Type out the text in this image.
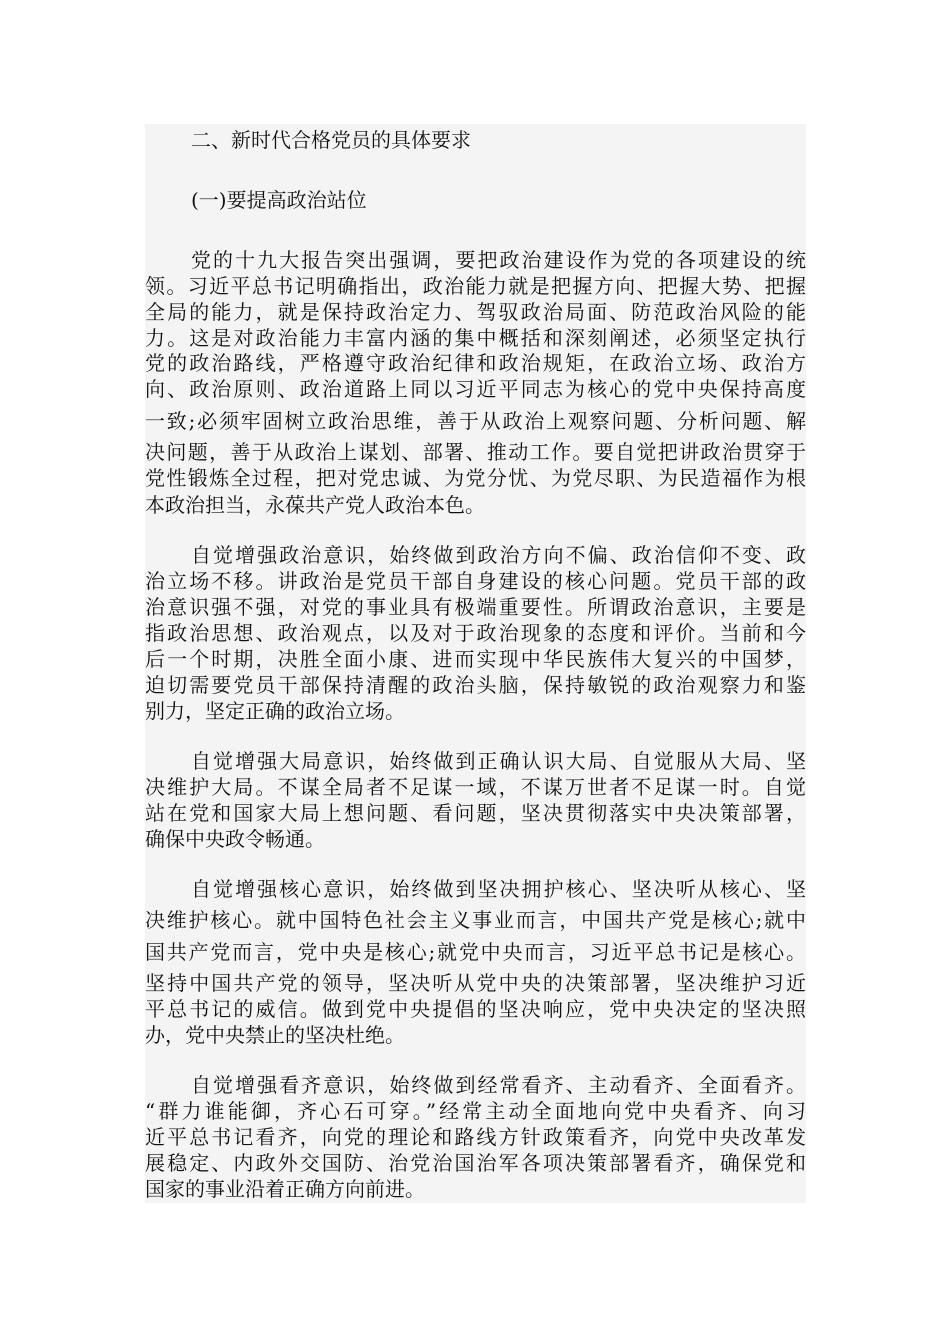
二、新时代合格党员的具体要求
(一)要提高政治站位
党的十九大报告突出强调，要把政治建设作为党的各项建设的统
领。习近平总书记明确指出，政治能力就是把握方向、把握大势、把握
全局的能力，就是保持政治定力、驾驭政治局面、防范政治风险的能
力。这是对政治能力丰富内涵的集中概括和深刻阐述，必须坚定执行
党的政治路线，严格遵守政治纪律和政治规矩，在政治立场、政治方
向、政治原则、政治道路上同以习近平同志为核心的党中央保持高度
一致;必须牢固树立政治思维，善于从政治上观察问题、分析问题、解
决问题，善于从政治上谋划、部署、推动工作。要自觉把讲政治贯穿于
党性锻炼全过程，把对党忠诚、为党分忧、为党尽职、为民造福作为根
本政治担当，永葆共产党人政治本色。
自觉增强政治意识，始终做到政治方向不偏、政治信仰不变、政
治立场不移。讲政治是党员干部自身建设的核心问题。党员干部的政
治意识强不强，对党的事业具有极端重要性。所谓政治意识，主要是
指政治思想、政治观点，以及对于政治现象的态度和评价。当前和今
后一个时期，决胜全面小康、进而实现中华民族伟大复兴的中国梦，
迫切需要党员干部保持清醒的政治头脑，保持敏锐的政治观察力和鉴
别力，坚定正确的政治立场。
自觉增强大局意识，始终做到正确认识大局、自觉服从大局、坚
决维护大局。不谋全局者不足谋一域，不谋万世者不足谋一时。自觉
站在党和国家大局上想问题、看问题，坚决贯彻落实中央决策部署，
确保中央政令畅通。
自觉增强核心意识，始终做到坚决拥护核心、坚决听从核心、坚
决维护核心。就中国特色社会主义事业而言，中国共产党是核心;就中
国共产党而言，党中央是核心;就党中央而言，习近平总书记是核心。
坚持中国共产党的领导，坚决听从党中央的决策部署，坚决维护习近
平总书记的威信。做到党中央提倡的坚决响应，党中央决定的坚决照
办，党中央禁止的坚决杜绝。
自觉增强看齐意识，始终做到经常看齐、主动看齐、全面看齐。
“群力谁能御，齐心石可穿。”经常主动全面地向党中央看齐、向习
近平总书记看齐，向党的理论和路线方针政策看齐，向党中央改革发
展稳定、内政外交国防、治党治国治军各项决策部署看齐，确保党和
国家的事业沿着正确方向前进。
